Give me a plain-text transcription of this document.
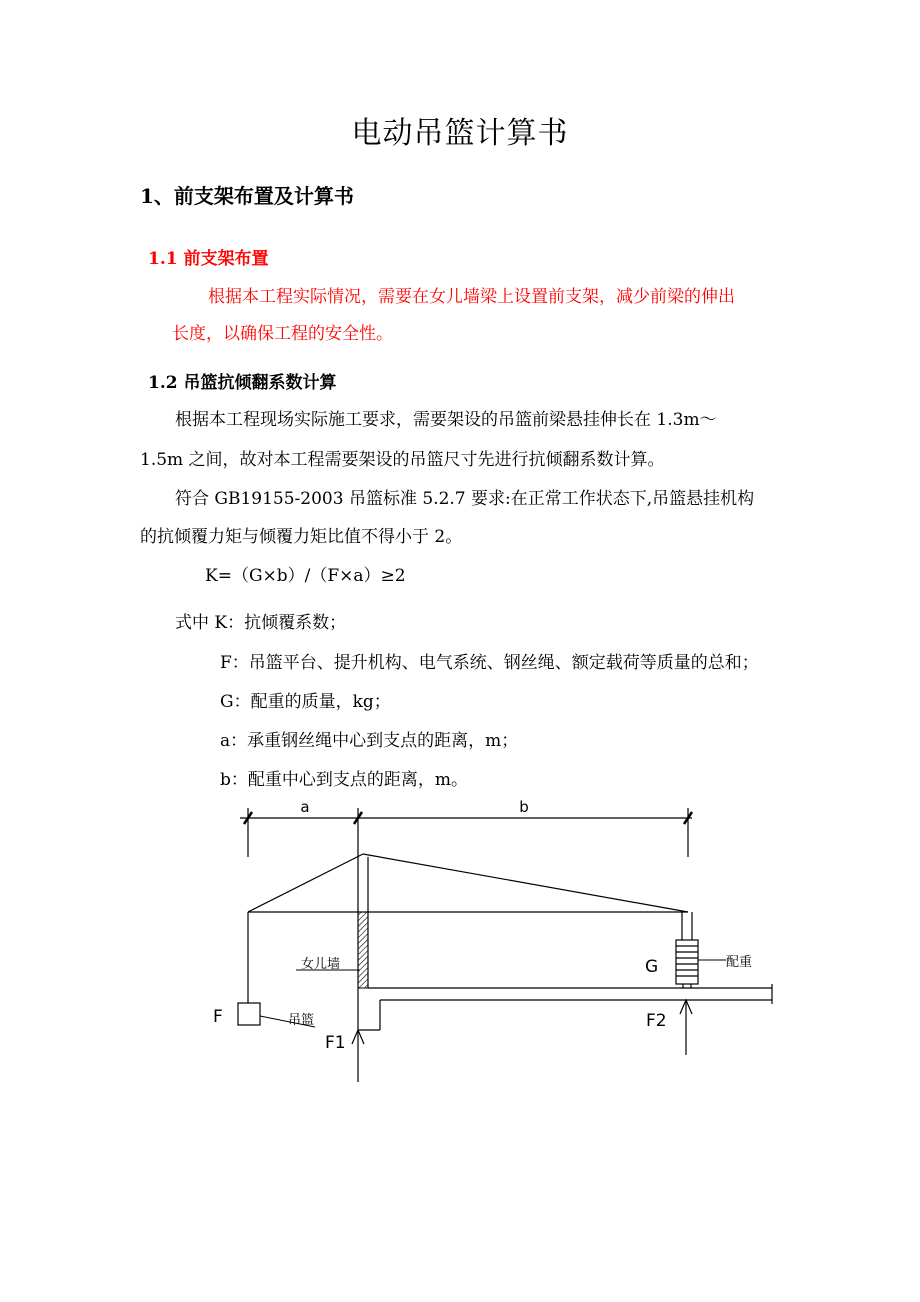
电动吊篮计算书
1、前支架布置及计算书
1.1 前支架布置
根据本工程实际情况，需要在女儿墙梁上设置前支架，减少前梁的伸出
长度，以确保工程的安全性。
1.2 吊篮抗倾翻系数计算
根据本工程现场实际施工要求，需要架设的吊篮前梁悬挂伸长在 1.3m～
1.5m 之间，故对本工程需要架设的吊篮尺寸先进行抗倾翻系数计算。
符合 GB19155-2003 吊篮标准 5.2.7 要求:在正常工作状态下,吊篮悬挂机构
的抗倾覆力矩与倾覆力矩比值不得小于 2。
K=（G×b）/（F×a）≥2
式中 K：抗倾覆系数；
F：吊篮平台、提升机构、电气系统、钢丝绳、额定载荷等质量的总和；
G：配重的质量，kg；
a：承重钢丝绳中心到支点的距离，m；
b：配重中心到支点的距离，m。
a	b
女儿墙
吊篮
F
F1
G	配重
F2
